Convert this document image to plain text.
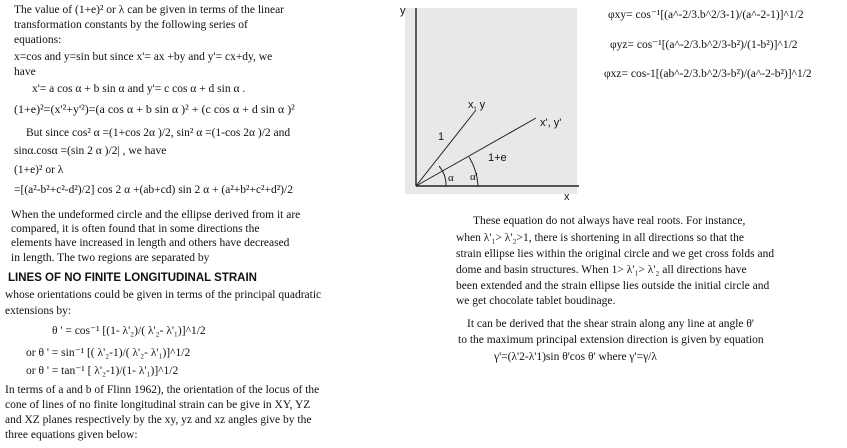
The value of (1+e)² or λ can be given in terms of the linear
transformation constants by the following series of
equations:
x=cos and y=sin but since x'= ax +by and y'= cx+dy, we
have
x'= a cos α + b sin α and y'= c cos α + d sin α .
(1+e)²=(x'²+y'²)=(a cos α + b sin α )² + (c cos α + d sin α )²
But since cos² α =(1+cos 2α )/2, sin² α =(1-cos 2α )/2 and
sinα.cosα =(sin 2 α )/2| , we have
(1+e)² or λ
=[(a²-b²+c²-d²)/2] cos 2 α +(ab+cd) sin 2 α + (a²+b²+c²+d²)/2
When the undeformed circle and the ellipse derived from it are
compared, it is often found that in some directions the
elements have increased in length and others have decreased
in length. The two regions are separated by
LINES OF NO FINITE LONGITUDINAL STRAIN
whose orientations could be given in terms of the principal quadratic
extensions by:
θ ' = cos⁻¹ [(1- λ'₂)/( λ'₂- λ'₁)]^1/2
or θ ' = sin⁻¹ [( λ'₂-1)/( λ'₂- λ'₁)]^1/2
or θ ' = tan⁻¹ [ λ'₂-1)/(1- λ'₁)]^1/2
In terms of a and b of Flinn 1962), the orientation of the locus of the
cone of lines of no finite longitudinal strain can be give in XY, YZ
and XZ planes respectively by the xy, yz and xz angles give by the
three equations given below:
y
x
x, y
x', y'
1
1+e
α α'
φxy= cos⁻¹[(a^-2/3.b^2/3-1)/(a^-2-1)]^1/2
φyz= cos⁻¹[(a^-2/3.b^2/3-b²)/(1-b²)]^1/2
φxz= cos-1[(ab^-2/3.b^2/3-b²)/(a^-2-b²)]^1/2
These equation do not always have real roots. For instance,
when λ'₁> λ'₂>1, there is shortening in all directions so that the
strain ellipse lies within the original circle and we get cross folds and
dome and basin structures. When 1> λ'₁> λ'₂ all directions have
been extended and the strain ellipse lies outside the initial circle and
we get chocolate tablet boudinage.
It can be derived that the shear strain along any line at angle θ'
to the maximum principal extension direction is given by equation
γ'=(λ'2-λ'1)sin θ'cos θ' where γ'=γ/λ
